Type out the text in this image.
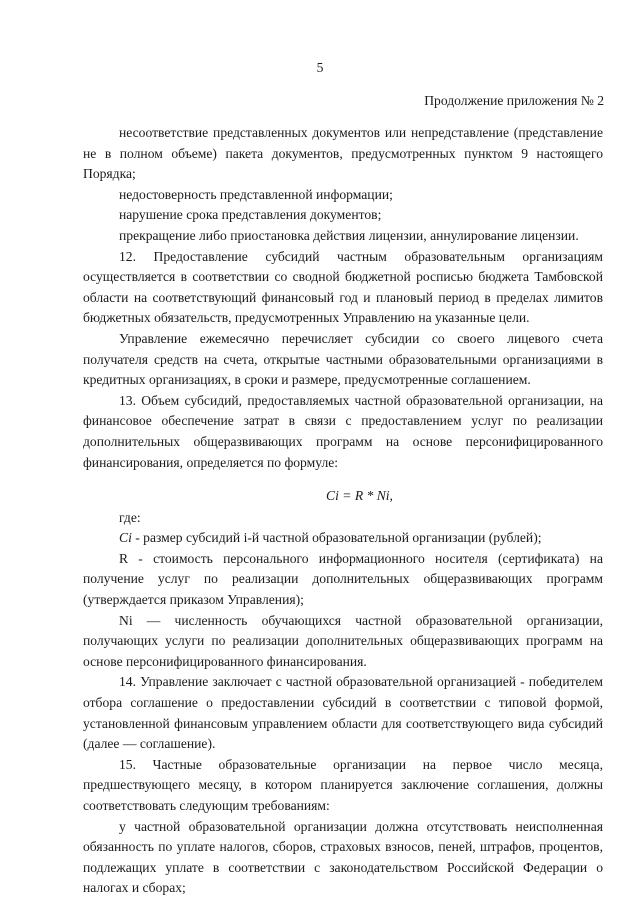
5
Продолжение приложения № 2

несоответствие представленных документов или непредставление (представление не в полном объеме) пакета документов, предусмотренных пунктом 9 настоящего Порядка;

недостоверность представленной информации;

нарушение срока представления документов;

прекращение либо приостановка действия лицензии, аннулирование лицензии.

12. Предоставление субсидий частным образовательным организациям осуществляется в соответствии со сводной бюджетной росписью бюджета Тамбовской области на соответствующий финансовый год и плановый период в пределах лимитов бюджетных обязательств, предусмотренных Управлению на указанные цели.

Управление ежемесячно перечисляет субсидии со своего лицевого счета получателя средств на счета, открытые частными образовательными организациями в кредитных организациях, в сроки и размере, предусмотренные соглашением.

13. Объем субсидий, предоставляемых частной образовательной организации, на финансовое обеспечение затрат в связи с предоставлением услуг по реализации дополнительных общеразвивающих программ на основе персонифицированного финансирования, определяется по формуле:

Ci = R * Ni,

где:

Ci - размер субсидий i-й частной образовательной организации (рублей);

R - стоимость персонального информационного носителя (сертификата) на получение услуг по реализации дополнительных общеразвивающих программ (утверждается приказом Управления);

Ni — численность обучающихся частной образовательной организации, получающих услуги по реализации дополнительных общеразвивающих программ на основе персонифицированного финансирования.

14. Управление заключает с частной образовательной организацией - победителем отбора соглашение о предоставлении субсидий в соответствии с типовой формой, установленной финансовым управлением области для соответствующего вида субсидий (далее — соглашение).

15. Частные образовательные организации на первое число месяца, предшествующего месяцу, в котором планируется заключение соглашения, должны соответствовать следующим требованиям:

у частной образовательной организации должна отсутствовать неисполненная обязанность по уплате налогов, сборов, страховых взносов, пеней, штрафов, процентов, подлежащих уплате в соответствии с законодательством Российской Федерации о налогах и сборах;
